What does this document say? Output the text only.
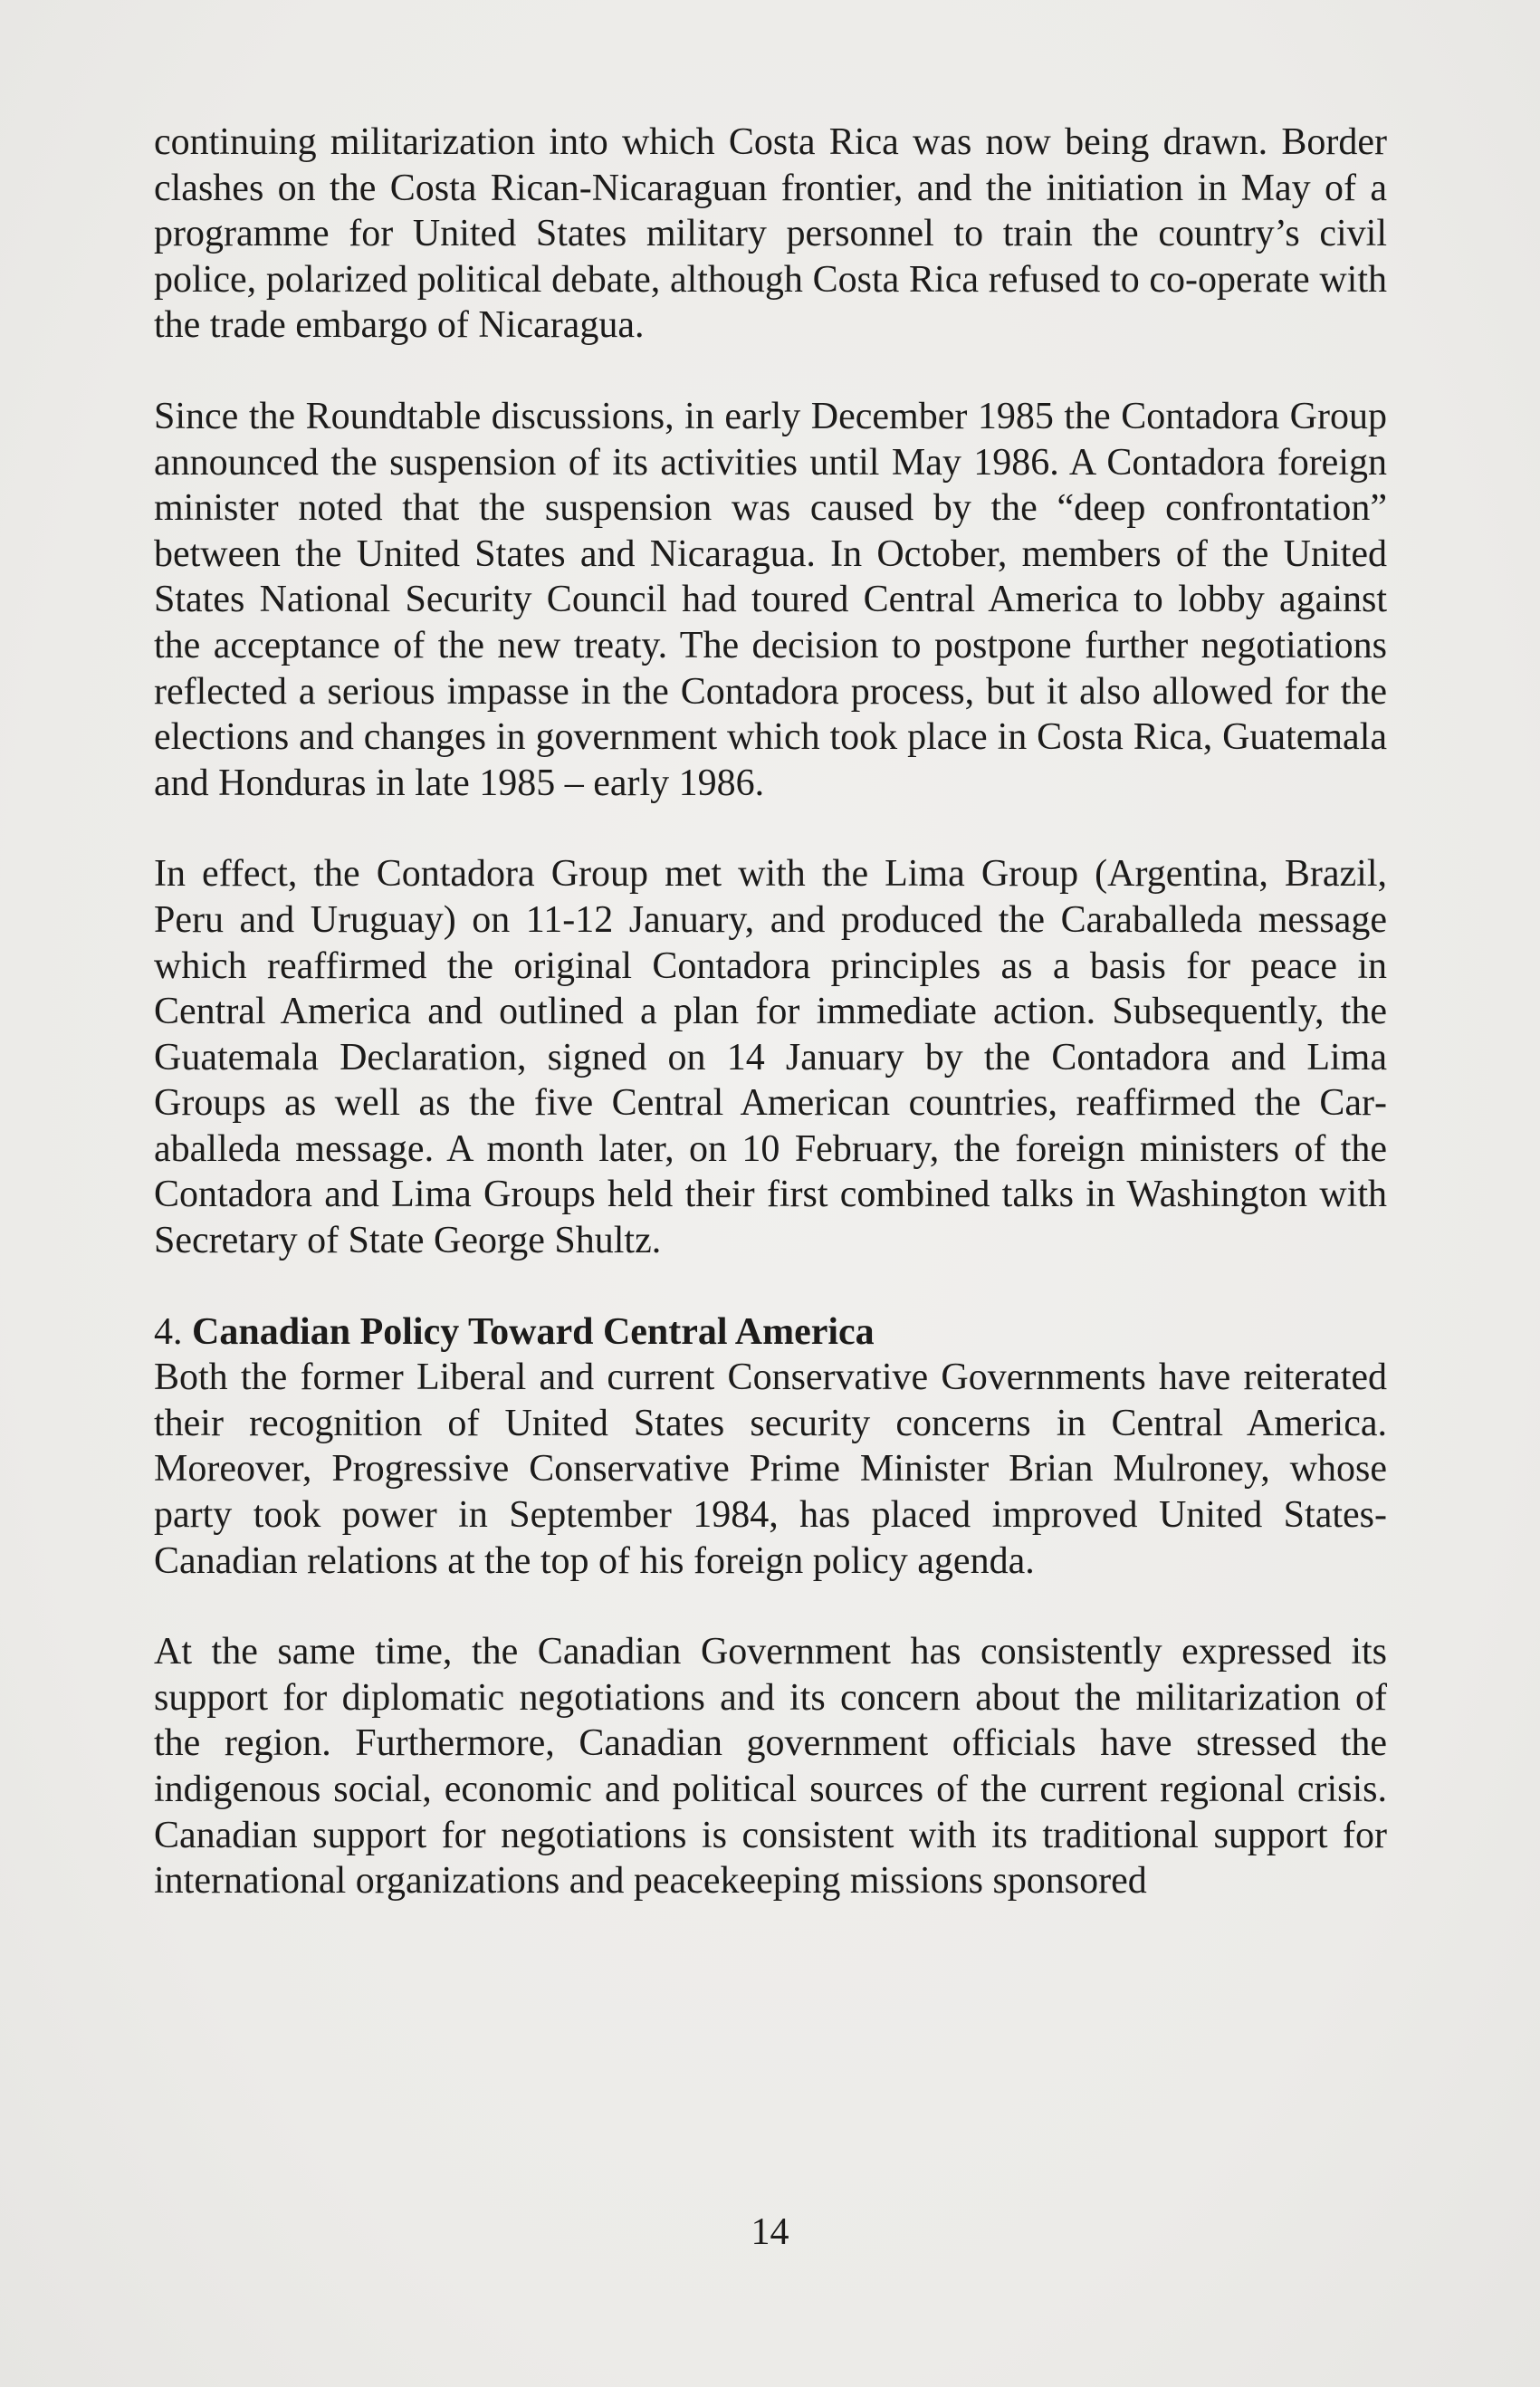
continuing militarization into which Costa Rica was now being drawn. Border clashes on the Costa Rican-Nicaraguan frontier, and the initiation in May of a programme for United States military personnel to train the country’s civil police, polarized political debate, although Costa Rica refused to co-operate with the trade embargo of Nicaragua.

Since the Roundtable discussions, in early December 1985 the Contadora Group announced the suspension of its activities until May 1986. A Contadora foreign minister noted that the suspension was caused by the “deep confrontation” between the United States and Nicaragua. In October, members of the United States National Security Council had toured Central America to lobby against the acceptance of the new treaty. The decision to postpone further negotiations reflected a serious impasse in the Contadora process, but it also allowed for the elections and changes in government which took place in Costa Rica, Guatemala and Honduras in late 1985 – early 1986.

In effect, the Contadora Group met with the Lima Group (Argentina, Brazil, Peru and Uruguay) on 11-12 January, and produced the Caraballeda message which reaffirmed the original Contadora principles as a basis for peace in Central America and outlined a plan for immediate action. Subsequently, the Guatemala Declaration, signed on 14 January by the Contadora and Lima Groups as well as the five Central American countries, reaffirmed the Caraballeda message. A month later, on 10 February, the foreign ministers of the Contadora and Lima Groups held their first combined talks in Washington with Secretary of State George Shultz.

4. Canadian Policy Toward Central America

Both the former Liberal and current Conservative Governments have reiterated their recognition of United States security concerns in Central America. Moreover, Progressive Conservative Prime Minister Brian Mulroney, whose party took power in September 1984, has placed improved United States-Canadian relations at the top of his foreign policy agenda.

At the same time, the Canadian Government has consistently expressed its support for diplomatic negotiations and its concern about the militarization of the region. Furthermore, Canadian government officials have stressed the indigenous social, economic and political sources of the current regional crisis. Canadian support for negotiations is consistent with its traditional support for international organizations and peacekeeping missions sponsored

14
